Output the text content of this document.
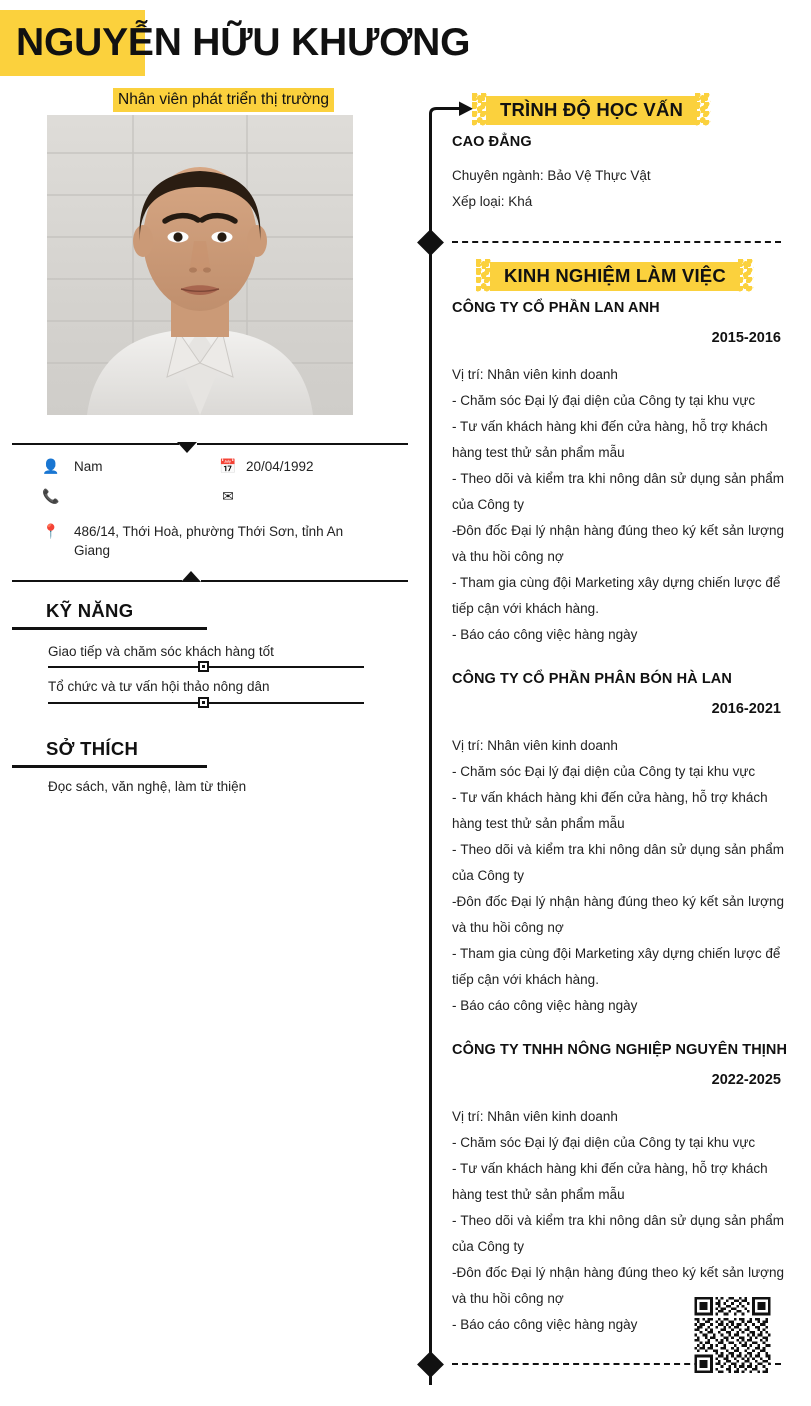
NGUYỄN HỮU KHƯƠNG
Nhân viên phát triển thị trường
👤 Nam	📅 20/04/1992
📞	✉
📍 486/14, Thới Hoà, phường Thới Sơn, tỉnh An Giang
KỸ NĂNG
Giao tiếp và chăm sóc khách hàng tốt
Tổ chức và tư vấn hội thảo nông dân
SỞ THÍCH
Đọc sách, văn nghệ, làm từ thiện
TRÌNH ĐỘ HỌC VẤN
CAO ĐẲNG
Chuyên ngành: Bảo Vệ Thực Vật
Xếp loại: Khá
KINH NGHIỆM LÀM VIỆC
CÔNG TY CỔ PHẦN LAN ANH
2015-2016
Vị trí: Nhân viên kinh doanh
- Chăm sóc Đại lý đại diện của Công ty tại khu vực
- Tư vấn khách hàng khi đến cửa hàng, hỗ trợ khách hàng test thử sản phẩm mẫu
- Theo dõi và kiểm tra khi nông dân sử dụng sản phẩm của Công ty
-Đôn đốc Đại lý nhận hàng đúng theo ký kết sản lượng và thu hồi công nợ
- Tham gia cùng đội Marketing xây dựng chiến lược để tiếp cận với khách hàng.
- Báo cáo công việc hàng ngày
CÔNG TY CỔ PHẦN PHÂN BÓN HÀ LAN
2016-2021
Vị trí: Nhân viên kinh doanh
- Chăm sóc Đại lý đại diện của Công ty tại khu vực
- Tư vấn khách hàng khi đến cửa hàng, hỗ trợ khách hàng test thử sản phẩm mẫu
- Theo dõi và kiểm tra khi nông dân sử dụng sản phẩm của Công ty
-Đôn đốc Đại lý nhận hàng đúng theo ký kết sản lượng và thu hồi công nợ
- Tham gia cùng đội Marketing xây dựng chiến lược để tiếp cận với khách hàng.
- Báo cáo công việc hàng ngày
CÔNG TY TNHH NÔNG NGHIỆP NGUYÊN THỊNH
2022-2025
Vị trí: Nhân viên kinh doanh
- Chăm sóc Đại lý đại diện của Công ty tại khu vực
- Tư vấn khách hàng khi đến cửa hàng, hỗ trợ khách hàng test thử sản phẩm mẫu
- Theo dõi và kiểm tra khi nông dân sử dụng sản phẩm của Công ty
-Đôn đốc Đại lý nhận hàng đúng theo ký kết sản lượng và thu hồi công nợ
- Báo cáo công việc hàng ngày
